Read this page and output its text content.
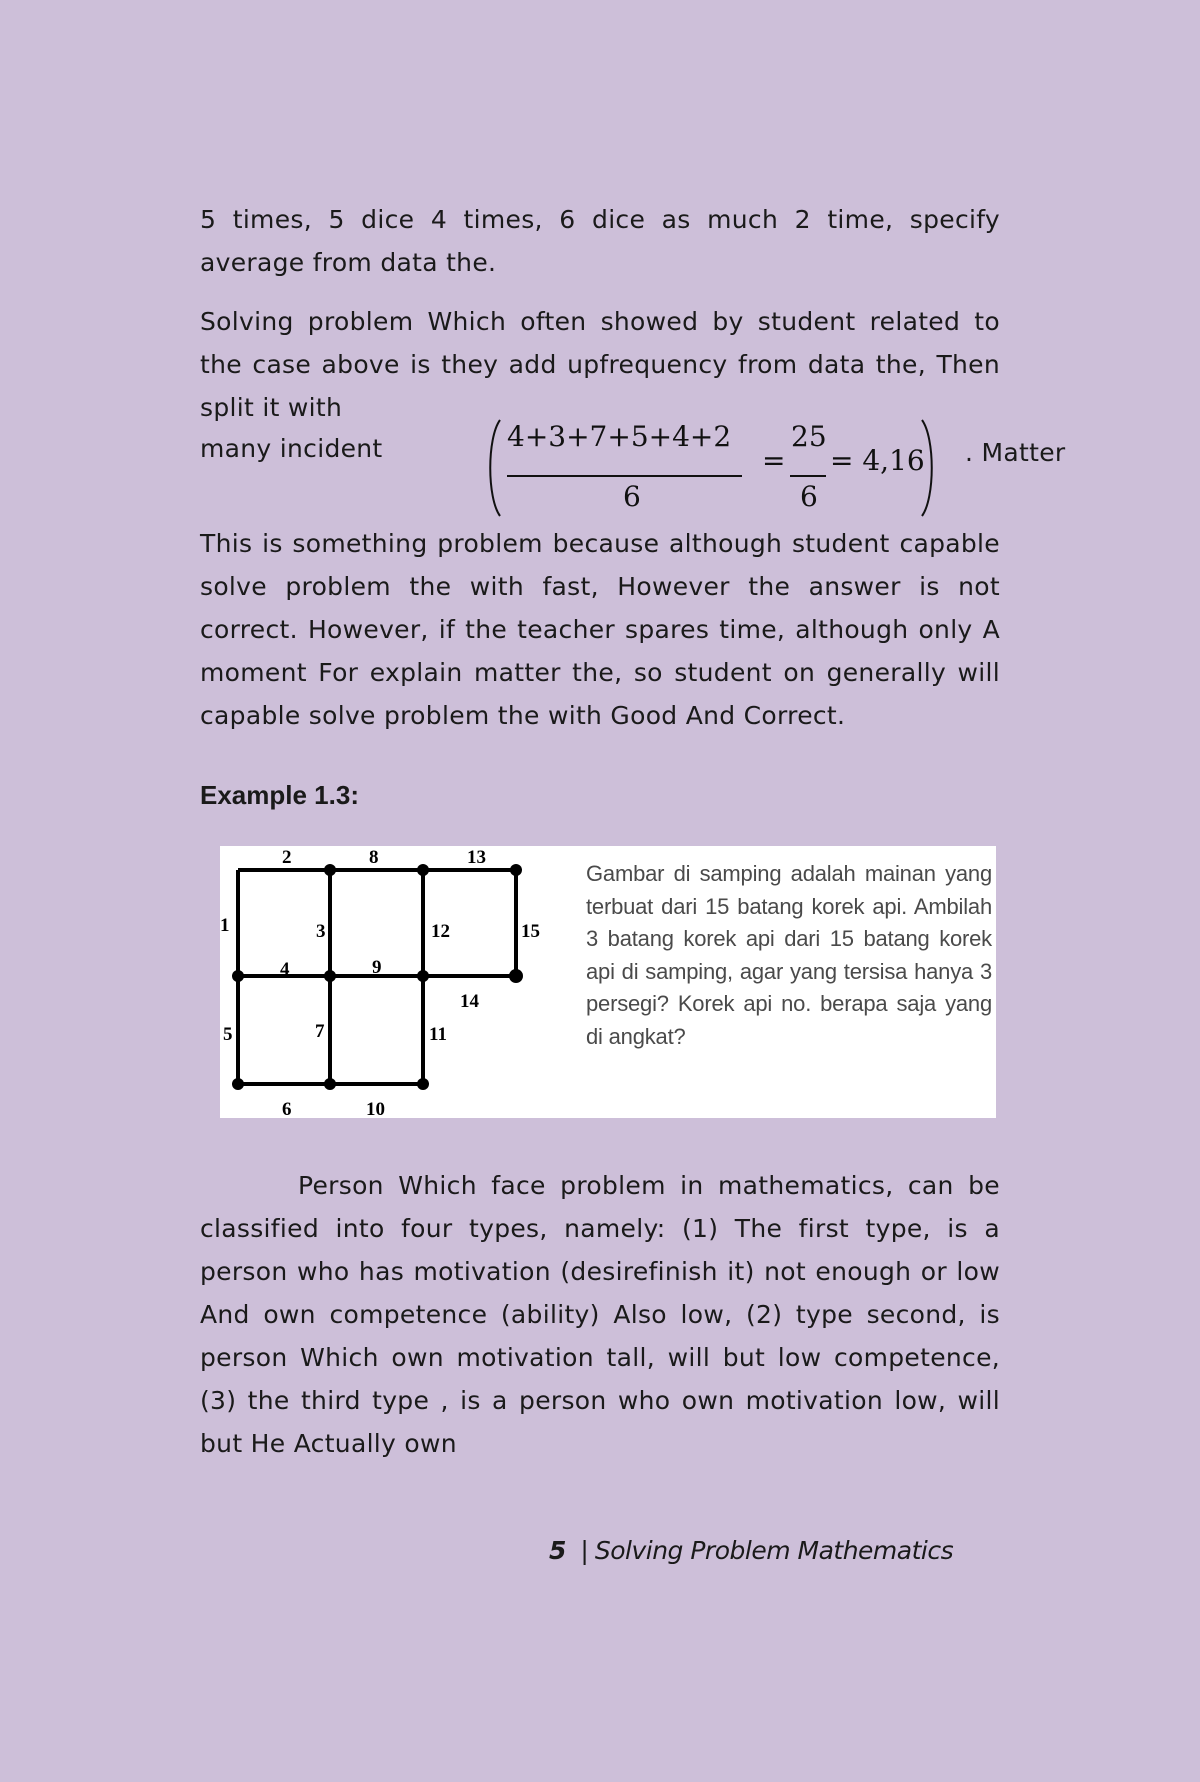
5 times, 5 dice 4 times, 6 dice as much 2 time, specify average from data the.

Solving problem Which often showed by student related to the case above is they add upfrequency from data the, Then split it with

many incident	4+3+7+5+4+2
6
=
25
6
= 4,16 . Matter

This is something problem because although student capable solve problem the with fast, However the answer is not correct. However, if the teacher spares time, although only A moment For explain matter the, so student on generally will capable solve problem the with Good And Correct.

Example 1.3:
1
2
3
4
5
6
7
8
9
10
11
12
13
14
15
Gambar di samping adalah mainan yang terbuat dari 15 batang korek api. Ambilah 3 batang korek api dari 15 batang korek api di samping, agar yang tersisa hanya 3 persegi? Korek api no. berapa saja yang di angkat?

Person Which face problem in mathematics, can be classified into four types, namely: (1) The first type, is a person who has motivation (desirefinish it) not enough or low And own competence (ability) Also low, (2) type second, is person Which own motivation tall, will but low competence, (3) the third type , is a person who own motivation low, will but He Actually own

5 | Solving Problem Mathematics
